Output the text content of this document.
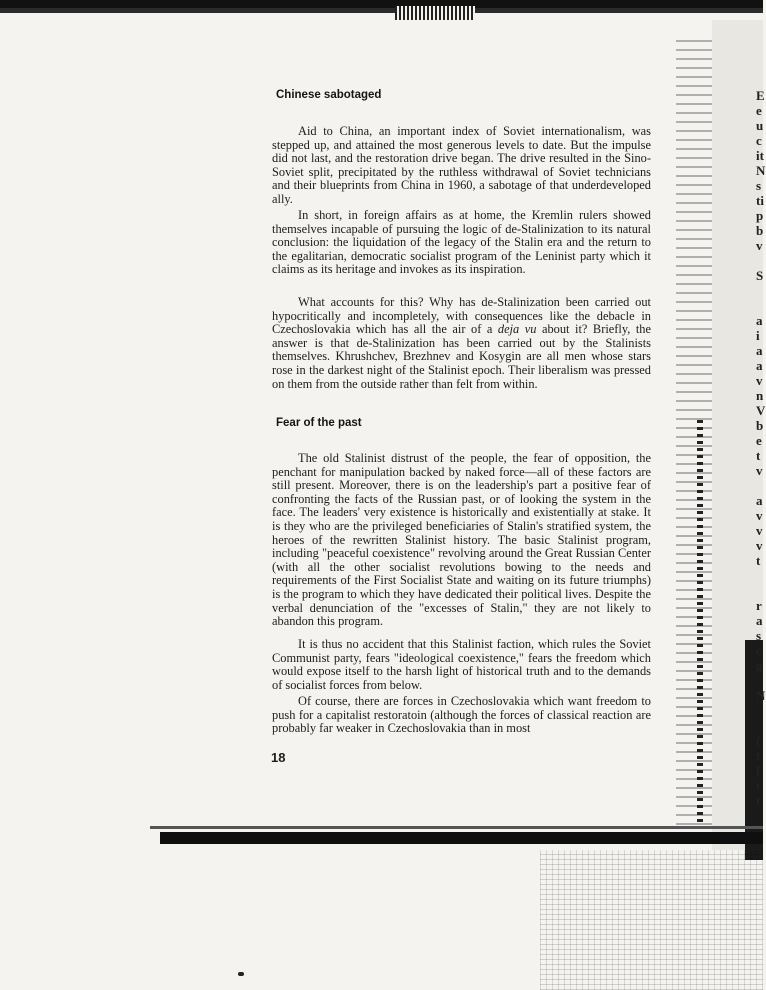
E
e
u
c
it
N
s
ti
p
b
v
S
a
i
a
a
v
n
V
b
e
t
v
a
v
v
v
t
r
a
s
c
g
N
(
t
f
t
t
Chinese sabotaged

Aid to China, an important index of Soviet internationalism, was stepped up, and attained the most generous levels to date. But the impulse did not last, and the restoration drive began. The drive resulted in the Sino-Soviet split, precipitated by the ruthless withdrawal of Soviet technicians and their blueprints from China in 1960, a sabotage of that underdeveloped ally.

In short, in foreign affairs as at home, the Kremlin rulers showed themselves incapable of pursuing the logic of de-Stalinization to its natural conclusion: the liquidation of the legacy of the Stalin era and the return to the egalitarian, democratic socialist program of the Leninist party which it claims as its heritage and invokes as its inspiration.

What accounts for this? Why has de-Stalinization been carried out hypocritically and incompletely, with consequences like the debacle in Czechoslovakia which has all the air of a deja vu about it? Briefly, the answer is that de-Stalinization has been carried out by the Stalinists themselves. Khrushchev, Brezhnev and Kosygin are all men whose stars rose in the darkest night of the Stalinist epoch. Their liberalism was pressed on them from the outside rather than felt from within.

Fear of the past

The old Stalinist distrust of the people, the fear of opposition, the penchant for manipulation backed by naked force—all of these factors are still present. Moreover, there is on the leadership's part a positive fear of confronting the facts of the Russian past, or of looking the system in the face. The leaders' very existence is historically and existentially at stake. It is they who are the privileged beneficiaries of Stalin's stratified system, the heroes of the rewritten Stalinist history. The basic Stalinist program, including "peaceful coexistence" revolving around the Great Russian Center (with all the other socialist revolutions bowing to the needs and requirements of the First Socialist State and waiting on its future triumphs) is the program to which they have dedicated their political lives. Despite the verbal denunciation of the "excesses of Stalin," they are not likely to abandon this program.

It is thus no accident that this Stalinist faction, which rules the Soviet Communist party, fears "ideological coexistence," fears the freedom which would expose itself to the harsh light of historical truth and to the demands of socialist forces from below.

Of course, there are forces in Czechoslovakia which want freedom to push for a capitalist restoratoin (although the forces of classical reaction are probably far weaker in Czechoslovakia than in most

18
